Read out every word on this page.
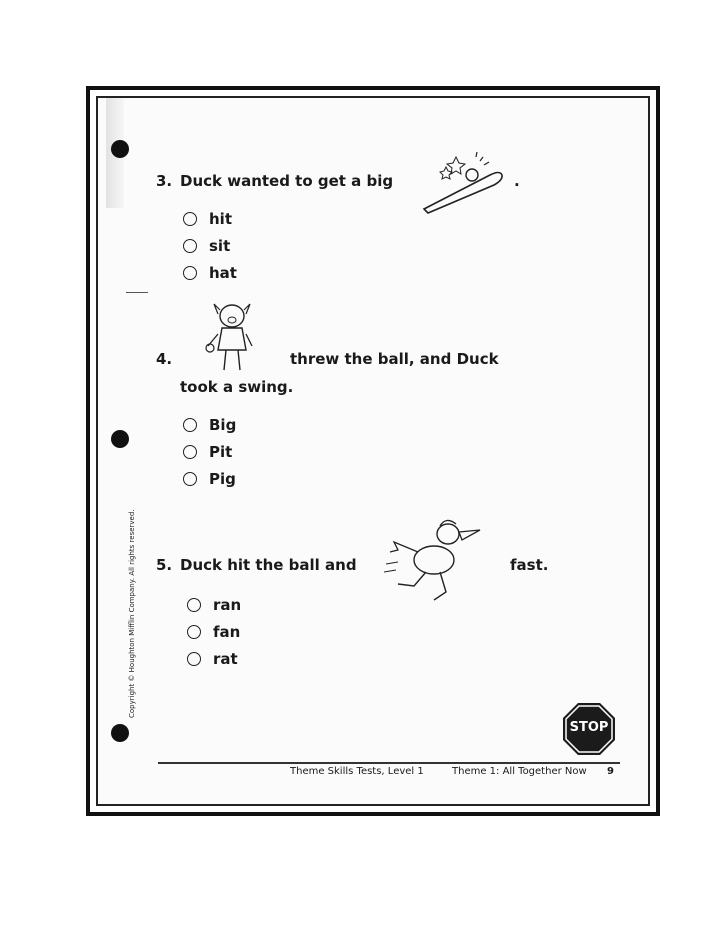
3. Duck wanted to get a big	.
hit
sit
hat
4.	threw the ball, and Duck
took a swing.
Big
Pit
Pig
5. Duck hit the ball and	fast.
ran
fan
rat
Copyright © Houghton Mifflin Company. All rights reserved.
STOP
Theme Skills Tests, Level 1	Theme 1: All Together Now 9
